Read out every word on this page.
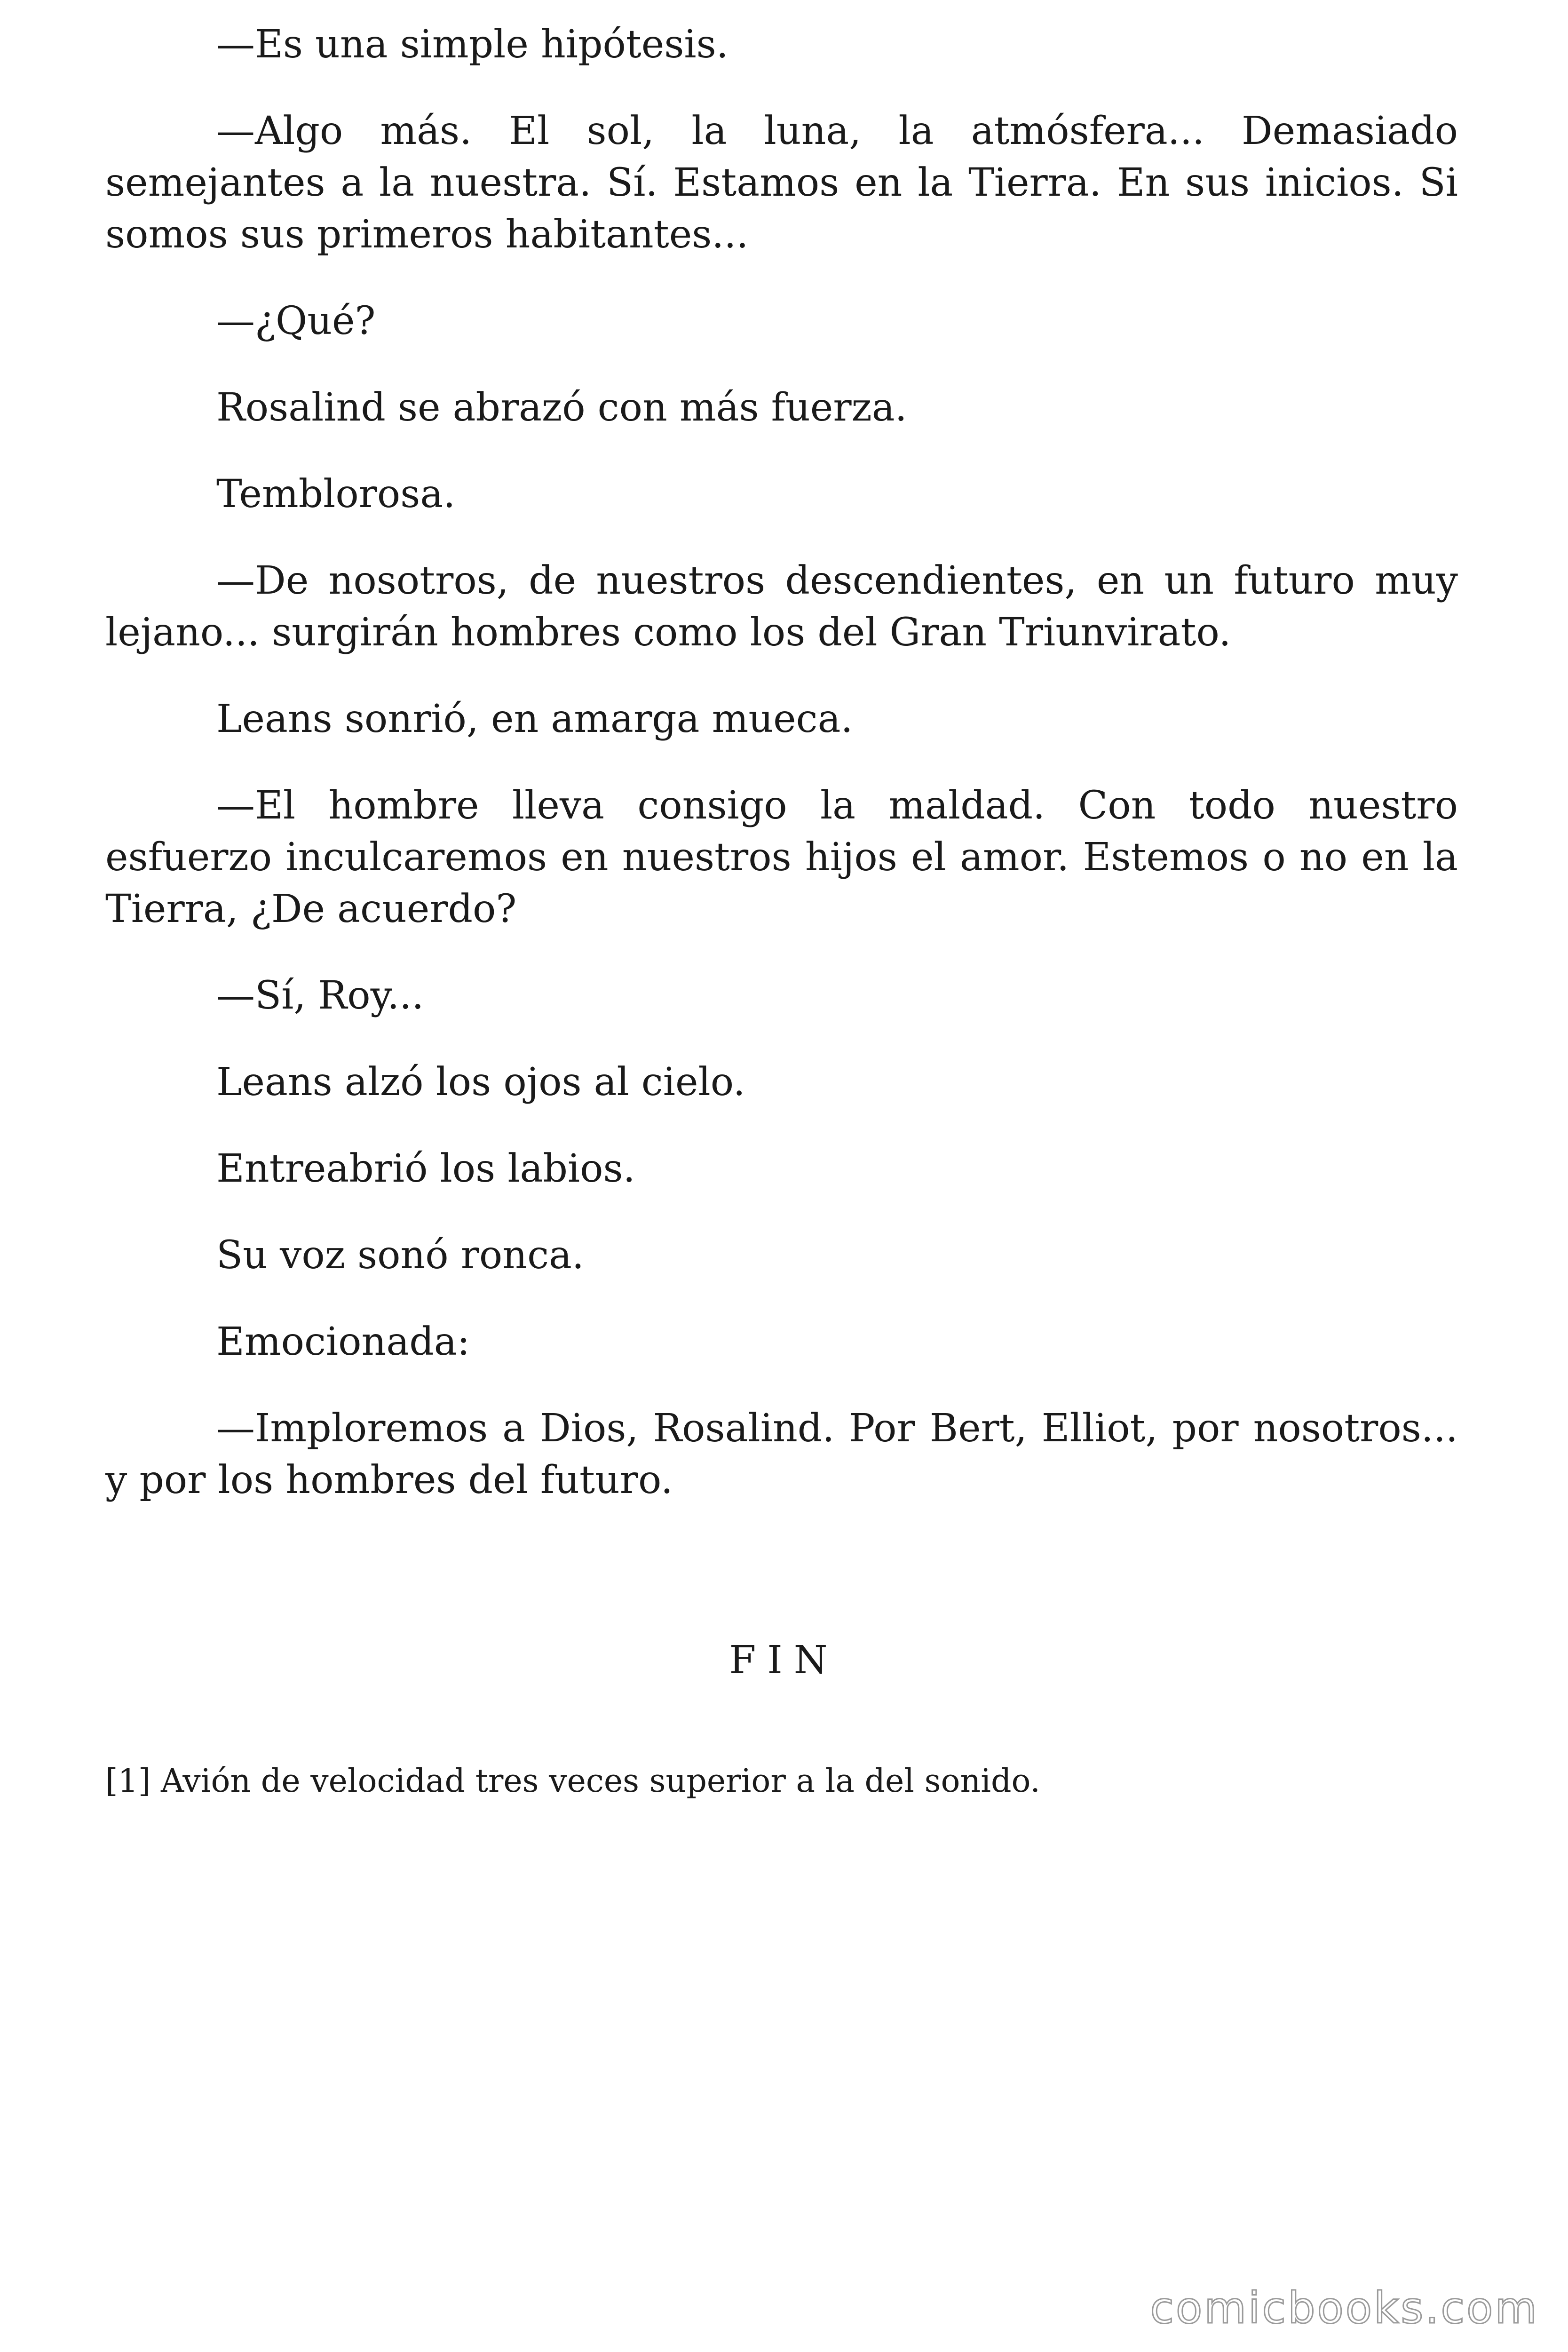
—Es una simple hipótesis.

—Algo más. El sol, la luna, la atmósfera... Demasiado semejantes a la nuestra. Sí. Estamos en la Tierra. En sus inicios. Si somos sus primeros habitantes...

—¿Qué?

Rosalind se abrazó con más fuerza.

Temblorosa.

—De nosotros, de nuestros descendientes, en un futuro muy lejano... surgirán hombres como los del Gran Triunvirato.

Leans sonrió, en amarga mueca.

—El hombre lleva consigo la maldad. Con todo nuestro esfuerzo inculcaremos en nuestros hijos el amor. Estemos o no en la Tierra, ¿De acuerdo?

—Sí, Roy...

Leans alzó los ojos al cielo.

Entreabrió los labios.

Su voz sonó ronca.

Emocionada:

—Imploremos a Dios, Rosalind. Por Bert, Elliot, por nosotros... y por los hombres del futuro.

FIN
[1] Avión de velocidad tres veces superior a la del sonido.
comicbooks.com
